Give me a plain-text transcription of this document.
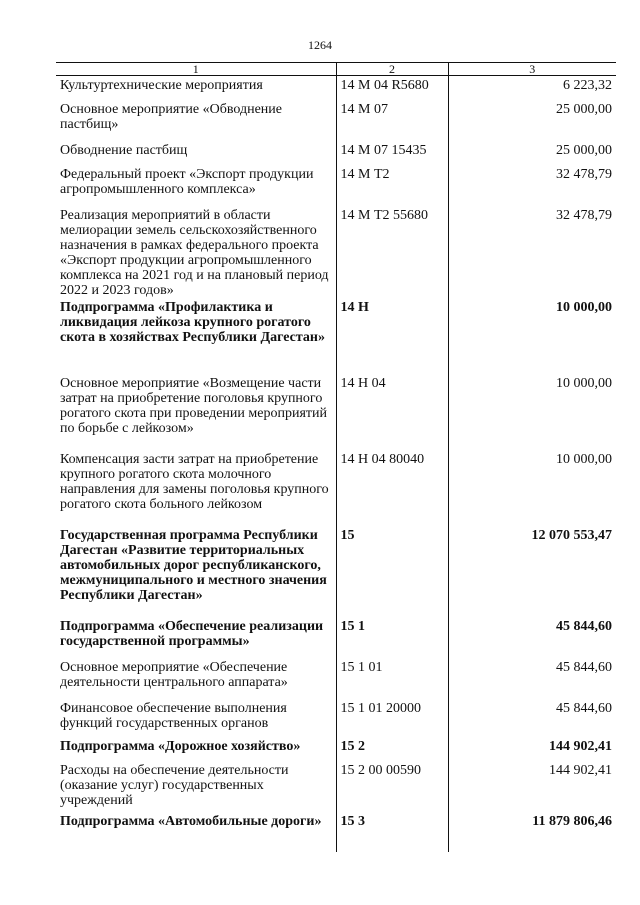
1264
1	2	3
Культуртехнические мероприятия	14 М 04 R5680	6 223,32
Основное мероприятие «Обводнение пастбищ»	14 М 07	25 000,00
Обводнение пастбищ	14 М 07 15435	25 000,00
Федеральный проект «Экспорт продукции агропромышленного комплекса»	14 М Т2	32 478,79
Реализация мероприятий в области мелиорации земель сельскохозяйственного назначения в рамках федерального проекта «Экспорт продукции агропромышленного комплекса на 2021 год и на плановый период 2022 и 2023 годов»	14 М Т2 55680	32 478,79
Подпрограмма «Профилактика и ликвидация лейкоза крупного рогатого скота в хозяйствах Республики Дагестан»	14 Н	10 000,00
Основное мероприятие «Возмещение части затрат на приобретение поголовья крупного рогатого скота при проведении мероприятий по борьбе с лейкозом»	14 Н 04	10 000,00
Компенсация засти затрат на приобретение крупного рогатого скота молочного направления для замены поголовья крупного рогатого скота больного лейкозом	14 Н 04 80040	10 000,00
Государственная программа Республики Дагестан «Развитие территориальных автомобильных дорог республиканского, межмуниципального и местного значения Республики Дагестан»	15	12 070 553,47
Подпрограмма «Обеспечение реализации государственной программы»	15 1	45 844,60
Основное мероприятие «Обеспечение деятельности центрального аппарата»	15 1 01	45 844,60
Финансовое обеспечение выполнения функций государственных органов	15 1 01 20000	45 844,60
Подпрограмма «Дорожное хозяйство»	15 2	144 902,41
Расходы на обеспечение деятельности (оказание услуг) государственных учреждений	15 2 00 00590	144 902,41
Подпрограмма «Автомобильные дороги»	15 3	11 879 806,46
